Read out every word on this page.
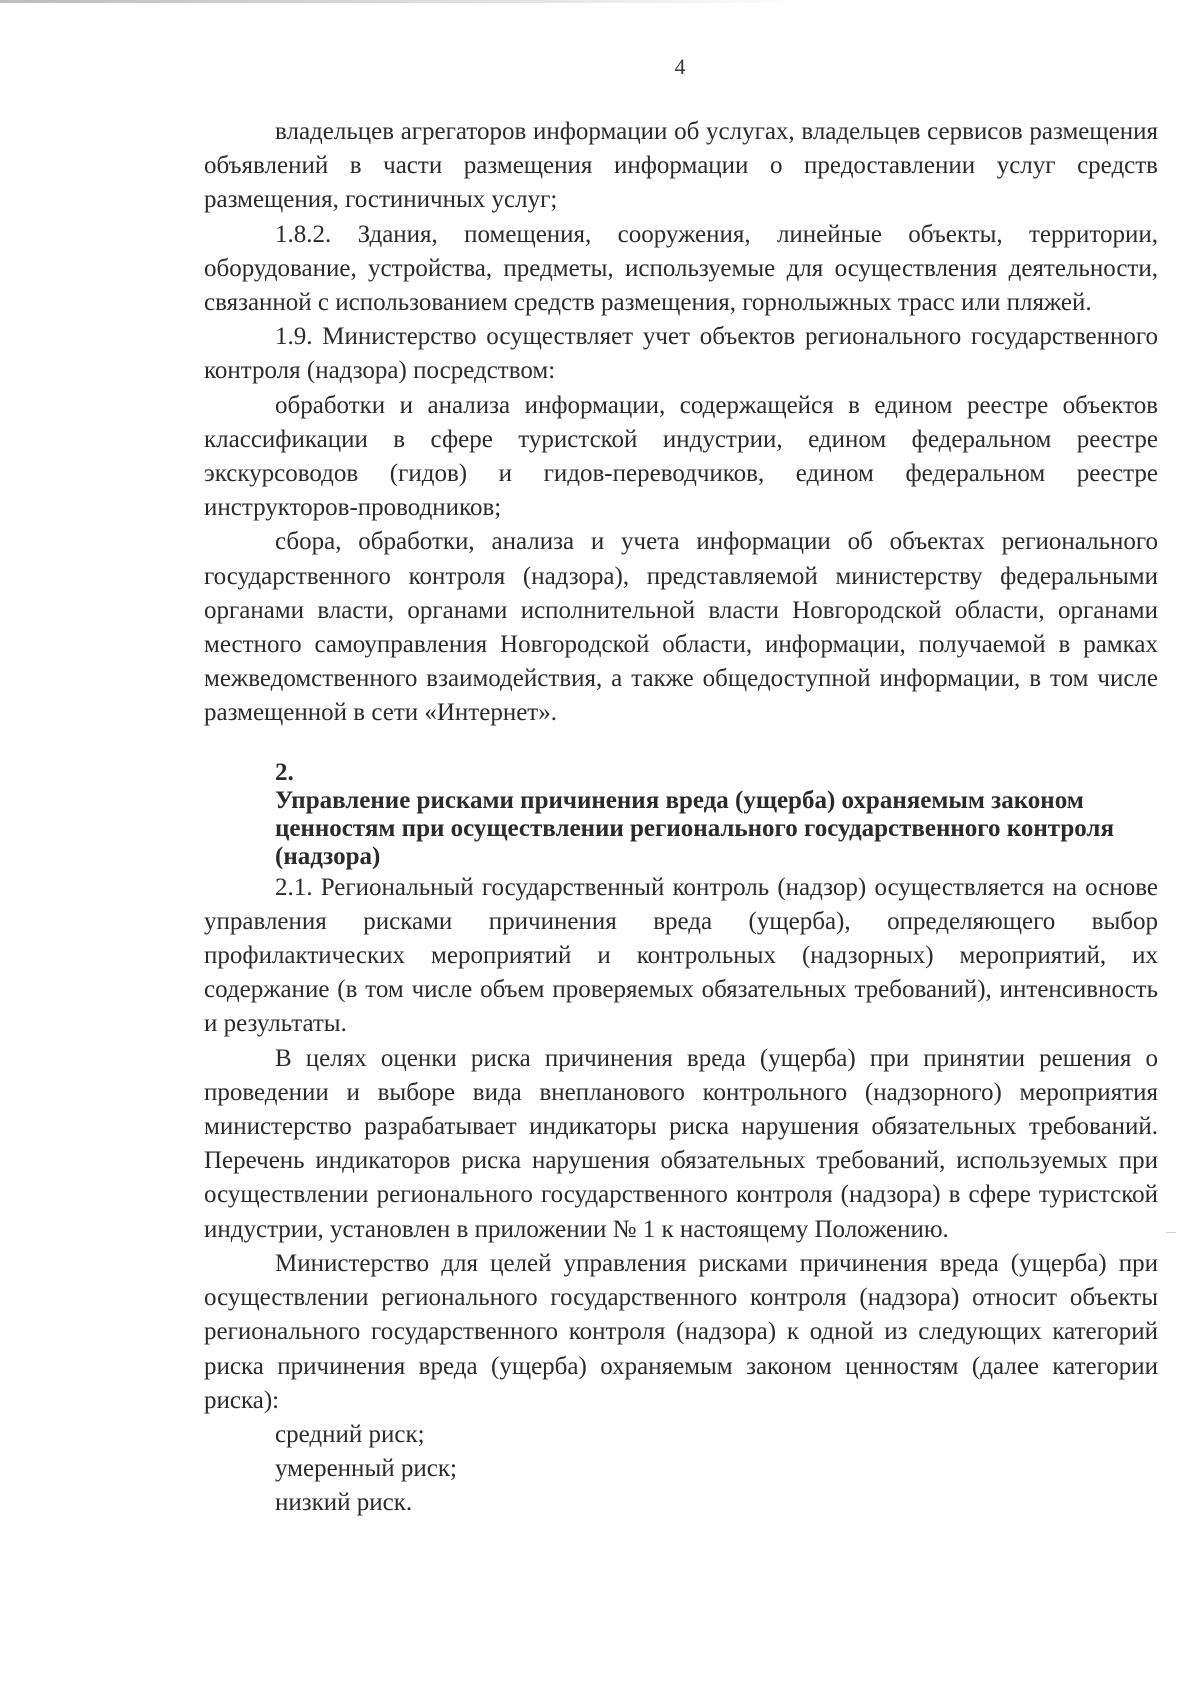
4

владельцев агрегаторов информации об услугах, владельцев сервисов размещения объявлений в части размещения информации о предоставлении услуг средств размещения, гостиничных услуг;

1.8.2. Здания, помещения, сооружения, линейные объекты, территории, оборудование, устройства, предметы, используемые для осуществления деятельности, связанной с использованием средств размещения, горнолыжных трасс или пляжей.

1.9. Министерство осуществляет учет объектов регионального государственного контроля (надзора) посредством:

обработки и анализа информации, содержащейся в едином реестре объектов классификации в сфере туристской индустрии, едином федеральном реестре экскурсоводов (гидов) и гидов-переводчиков, едином федеральном реестре инструкторов-проводников;

сбора, обработки, анализа и учета информации об объектах регионального государственного контроля (надзора), представляемой министерству федеральными органами власти, органами исполнительной власти Новгородской области, органами местного самоуправления Новгородской области, информации, получаемой в рамках межведомственного взаимодействия, а также общедоступной информации, в том числе размещенной в сети «Интернет».

2.Управление рисками причинения вреда (ущерба) охраняемым законом ценностям при осуществлении регионального государственного контроля (надзора)

2.1. Региональный государственный контроль (надзор) осуществляется на основе управления рисками причинения вреда (ущерба), определяющего выбор профилактических мероприятий и контрольных (надзорных) мероприятий, их содержание (в том числе объем проверяемых обязательных требований), интенсивность и результаты.

В целях оценки риска причинения вреда (ущерба) при принятии решения о проведении и выборе вида внепланового контрольного (надзорного) мероприятия министерство разрабатывает индикаторы риска нарушения обязательных требований. Перечень индикаторов риска нарушения обязательных требований, используемых при осуществлении регионального государственного контроля (надзора) в сфере туристской индустрии, установлен в приложении № 1 к настоящему Положению.

Министерство для целей управления рисками причинения вреда (ущерба) при осуществлении регионального государственного контроля (надзора) относит объекты регионального государственного контроля (надзора) к одной из следующих категорий риска причинения вреда (ущерба) охраняемым законом ценностям (далее категории риска):

средний риск;
умеренный риск;
низкий риск.
